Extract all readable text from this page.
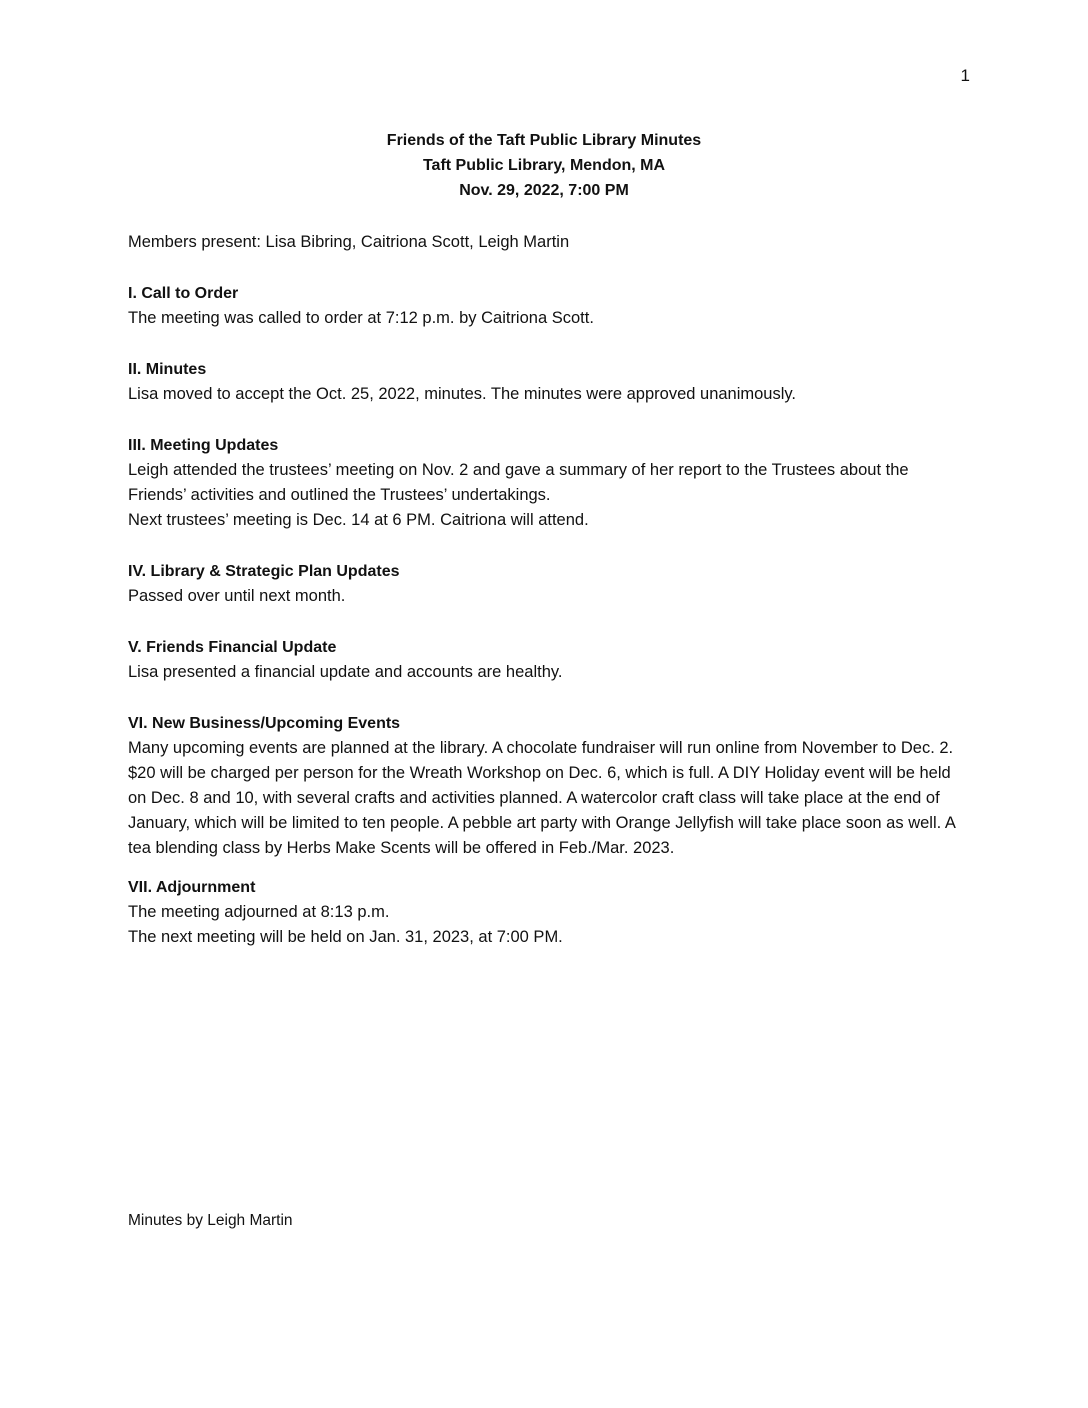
1
Friends of the Taft Public Library Minutes
Taft Public Library, Mendon, MA
Nov. 29, 2022, 7:00 PM
Members present: Lisa Bibring, Caitriona Scott, Leigh Martin
I. Call to Order

The meeting was called to order at 7:12 p.m. by Caitriona Scott.

II. Minutes

Lisa moved to accept the Oct. 25, 2022, minutes. The minutes were approved unanimously.

III. Meeting Updates

Leigh attended the trustees’ meeting on Nov. 2 and gave a summary of her report to the Trustees about the Friends’ activities and outlined the Trustees’ undertakings.

Next trustees’ meeting is Dec. 14 at 6 PM. Caitriona will attend.

IV. Library & Strategic Plan Updates

Passed over until next month.

V. Friends Financial Update

Lisa presented a financial update and accounts are healthy.

VI. New Business/Upcoming Events

Many upcoming events are planned at the library. A chocolate fundraiser will run online from November to Dec. 2. $20 will be charged per person for the Wreath Workshop on Dec. 6, which is full. A DIY Holiday event will be held on Dec. 8 and 10, with several crafts and activities planned. A watercolor craft class will take place at the end of January, which will be limited to ten people. A pebble art party with Orange Jellyfish will take place soon as well. A tea blending class by Herbs Make Scents will be offered in Feb./Mar. 2023.

VII. Adjournment

The meeting adjourned at 8:13 p.m.

The next meeting will be held on Jan. 31, 2023, at 7:00 PM.

Minutes by Leigh Martin
